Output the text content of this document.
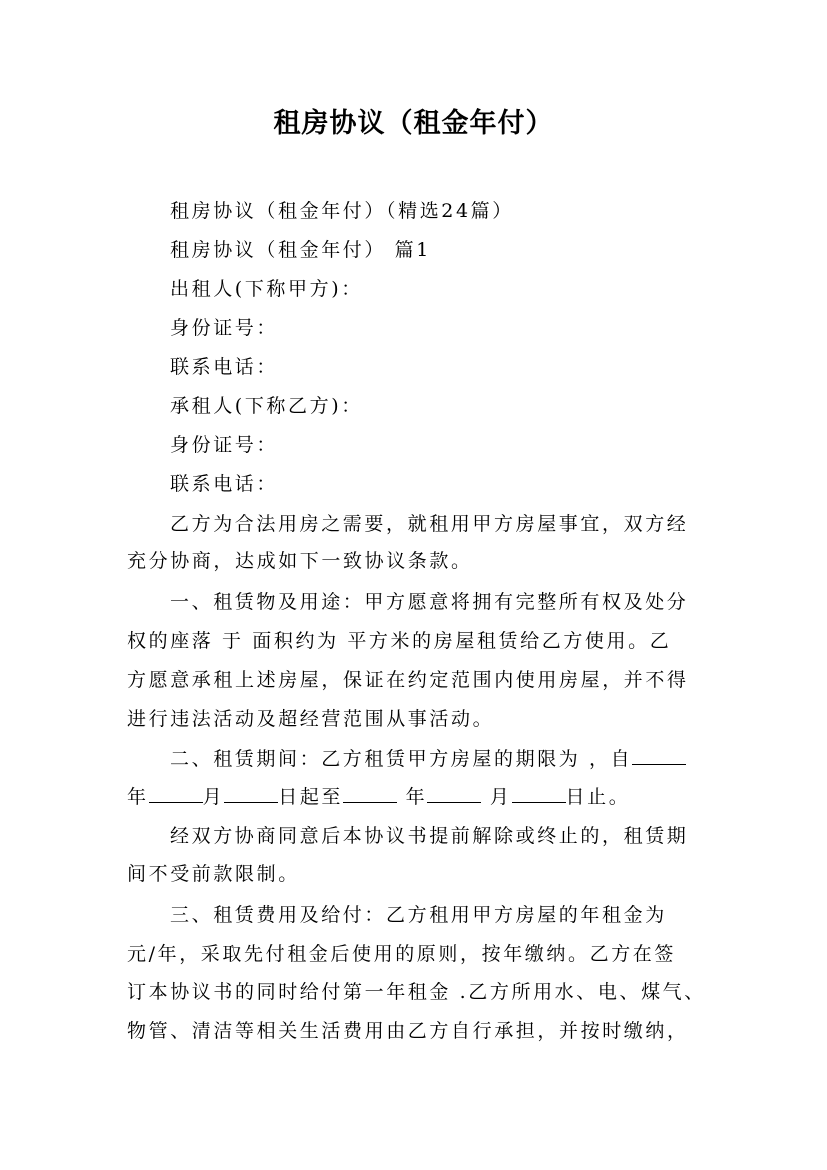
租房协议（租金年付）
租房协议（租金年付）（精选24篇）
租房协议（租金年付） 篇1
出租人(下称甲方)：
身份证号：
联系电话：
承租人(下称乙方)：
身份证号：
联系电话：
乙方为合法用房之需要，就租用甲方房屋事宜，双方经
充分协商，达成如下一致协议条款。
一、租赁物及用途：甲方愿意将拥有完整所有权及处分
权的座落 于 面积约为 平方米的房屋租赁给乙方使用。乙
方愿意承租上述房屋，保证在约定范围内使用房屋，并不得
进行违法活动及超经营范围从事活动。
二、租赁期间：乙方租赁甲方房屋的期限为 ，自
年	月	日起至	年	月	日止。
经双方协商同意后本协议书提前解除或终止的，租赁期
间不受前款限制。
三、租赁费用及给付：乙方租用甲方房屋的年租金为
元/年，采取先付租金后使用的原则，按年缴纳。乙方在签
订本协议书的同时给付第一年租金 .乙方所用水、电、煤气、
物管、清洁等相关生活费用由乙方自行承担，并按时缴纳，
